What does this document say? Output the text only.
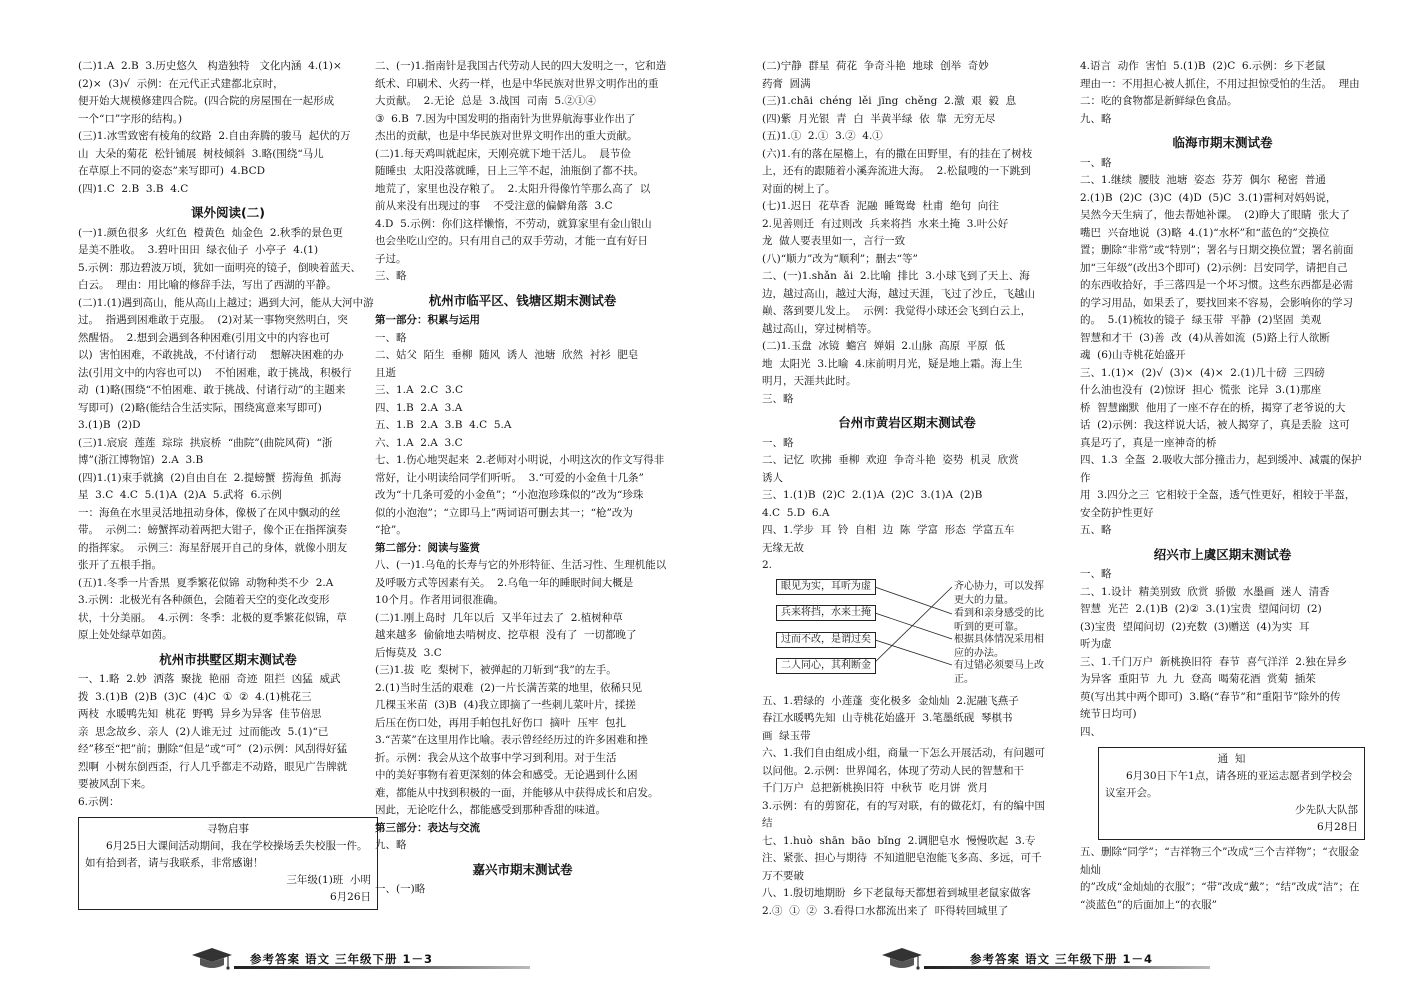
(二)1.A  2.B  3.历史悠久   构造独特   文化内涵  4.(1)×

(2)×  (3)√  示例：在元代正式建都北京时，

便开始大规模修建四合院。(四合院的房屋围在一起形成

一个“口”字形的结构。)

(三)1.冰雪致密有棱角的纹路  2.自由奔腾的骏马  起伏的万

山  大朵的菊花  松针铺展  树枝倾斜  3.略(围绕“马儿

在草原上不同的姿态”来写即可)  4.BCD

(四)1.C  2.B  3.B  4.C

课外阅读(二)

(一)1.颜色很多  火红色  橙黄色  灿金色  2.秋季的景色更

是美不胜收。  3.碧叶田田  绿衣仙子  小亭子  4.(1)

5.示例：那边碧波万顷，犹如一面明亮的镜子，倒映着蓝天、

白云。  理由：用比喻的修辞手法，写出了西湖的平静。

(二)1.(1)遇到高山，能从高山上越过；遇到大河，能从大河中游

过。  指遇到困难敢于克服。  (2)对某一事物突然明白，突

然醒悟。  2.想到会遇到各种困难(引用文中的内容也可

以)  害怕困难，不敢挑战，不付诸行动    想解决困难的办

法(引用文中的内容也可以)    不怕困难，敢于挑战，积极行

动  (1)略(围绕“不怕困难、敢于挑战、付诸行动”的主题来

写即可)  (2)略(能结合生活实际，围绕寓意来写即可)

3.(1)B  (2)D

(三)1.宸宸  莲莲  琮琮  拱宸桥  “曲院”(曲院风荷)  “浙

博”(浙江博物馆)  2.A  3.B

(四)1.(1)束手就擒  (2)自由自在  2.提螃蟹  捞海鱼  抓海

星  3.C  4.C  5.(1)A  (2)A  5.武将  6.示例

一：海鱼在水里灵活地扭动身体，像极了在风中飘动的丝

带。  示例二：螃蟹挥动着两把大钳子，像个正在指挥演奏

的指挥家。  示例三：海星舒展开自己的身体，就像小朋友

张开了五根手指。

(五)1.冬季一片香黑  夏季繁花似锦  动物种类不少  2.A

3.示例：北极光有各种颜色，会随着天空的变化改变形

状，十分美丽。  4.示例：冬季：北极的夏季繁花似锦，草

原上处处绿草如茵。

杭州市拱墅区期末测试卷

一、1.略  2.妙  洒落  聚拢  艳丽  奇迹  阻拦  凶猛  威武

拨  3.(1)B  (2)B  (3)C  (4)C  ①  ②  4.(1)桃花三

两枝  水暖鸭先知  桃花  野鸭  异乡为异客  佳节倍思

亲  思念故乡、亲人  (2)人谁无过  过而能改  5.(1)“已

经”移至“把”前；删除“但是”或“可”  (2)示例：风刮得好猛

烈啊  小树东倒西歪，行人几乎都走不动路，眼见广告牌就

要被风刮下来。

6.示例：

寻物启事

6月25日大课间活动期间，我在学校操场丢失校服一件。如有拾到者，请与我联系，非常感谢！

三年级(1)班  小明

6月26日

二、(一)1.指南针是我国古代劳动人民的四大发明之一，它和造

纸术、印刷术、火药一样，也是中华民族对世界文明作出的重

大贡献。  2.无论  总是  3.战国  司南  5.②①④

③  6.B  7.因为中国发明的指南针为世界航海事业作出了

杰出的贡献，也是中华民族对世界文明作出的重大贡献。

(二)1.每天鸡叫就起床，天刚亮就下地干活儿。  晨节俭

随睡虫  太阳没落就睡，日上三竿不起，油瓶倒了都不扶。

地荒了，家里也没存粮了。  2.太阳升得像竹竿那么高了  以

前从来没有出现过的事    不受注意的偏僻角落  3.C

4.D  5.示例：你们这样懒惰，不劳动，就算家里有金山银山

也会坐吃山空的。只有用自己的双手劳动，才能一直有好日

子过。

三、略

杭州市临平区、钱塘区期末测试卷

第一部分：积累与运用

一、略

二、姑父  陌生  垂柳  随风  诱人  池塘  欣然  衬衫  肥皂

且逝

三、1.A  2.C  3.C

四、1.B  2.A  3.A

五、1.B  2.A  3.B  4.C  5.A

六、1.A  2.A  3.C

七、1.伤心地哭起来  2.老师对小明说，小明这次的作文写得非

常好，让小明读给同学们听听。  3.“可爱的小金鱼十几条”

改为“十几条可爱的小金鱼”；“小泡泡珍珠似的”改为“珍珠

似的小泡泡”；“立即马上”两词语可删去其一；“枪”改为

“抢”。

第二部分：阅读与鉴赏

八、(一)1.乌龟的长寿与它的外形特征、生活习性、生理机能以

及呼吸方式等因素有关。  2.乌龟一年的睡眠时间大概是

10个月。作者用词很准确。

(二)1.刚上岛时  几年以后  又半年过去了  2.植树种草

越来越多  偷偷地去啃树皮、挖草根  没有了  一切都晚了

后悔莫及  3.C

(三)1.拔  吃  梨树下，被弹起的刀斩到“我”的左手。

2.(1)当时生活的艰难  (2)一片长满苦菜的地里，依稀只见

几棵玉米苗  (3)B  (4)我立即摘了一些刺儿菜叶片，揉搓

后压在伤口处，再用手帕包扎好伤口  摘叶  压牢  包扎

3.“苦菜”在这里用作比喻。表示曾经经历过的许多困难和挫

折。示例：我会从这个故事中学习到利用。对于生活

中的美好事物有着更深刻的体会和感受。无论遇到什么困

难，都能从中找到积极的一面，并能够从中获得成长和启发。

因此，无论吃什么，都能感受到那种香甜的味道。

第三部分：表达与交流

九、略

嘉兴市期末测试卷

一、(一)略

(二)宁静  群星  荷花  争奇斗艳  地球  创举  奇妙

药膏  圆满

(三)1.chāi  chéng  lěi  jīng  chěng  2.激  艰  毅  息

(四)紫  月光银  青  白  半黄半绿  依  靠  无穷无尽

(五)1.①  2.①  3.②  4.①

(六)1.有的落在屋檐上，有的撒在田野里，有的挂在了树枝

上，还有的跟随着小溪奔流进大海。  2.松鼠嗖的一下跳到

对面的树上了。

(七)1.迟日  花草香  泥融  睡鸳鸯  杜甫  绝句  向往

2.见善则迁  有过则改  兵来将挡  水来土掩  3.叶公好

龙  做人要表里如一，言行一致

(八)“顺力”改为“顺利”；删去“等”

二、(一)1.shǎn  ǎi  2.比喻  排比  3.小球飞到了天上、海

边，越过高山，越过大海，越过天涯，飞过了沙丘，飞越山

巅、落到要儿发上。  示例：我觉得小球还会飞到白云上，

越过高山，穿过树梢等。

(二)1.玉盘  冰镜  蟾宫  婵娟  2.山脉  高原  平原  低

地  太阳光  3.比喻  4.床前明月光，疑是地上霜。海上生

明月，天涯共此时。

三、略

台州市黄岩区期末测试卷

一、略

二、记忆  吹拂  垂柳  欢迎  争奇斗艳  姿势  机灵  欣赏

诱人

三、1.(1)B  (2)C  2.(1)A  (2)C  3.(1)A  (2)B

4.C  5.D  6.A

四、1.学步  耳  铃  自相  边  陈  学富  形态  学富五车

无缘无故

2.

眼见为实，耳听为虚
兵来将挡，水来土掩
过而不改，是谓过矣
二人同心，其利断金
齐心协力，可以发挥更大的力量。
看到和亲身感受的比听到的更可靠。
根据具体情况采用相应的办法。
有过错必须要马上改正。

五、1.碧绿的  小莲蓬  变化极多  金灿灿  2.泥融飞燕子

春江水暖鸭先知  山寺桃花始盛开  3.笔墨纸砚  琴棋书

画  绿玉带

六、1.我们自由组成小组，商量一下怎么开展活动，有问题可

以问他。2.示例：世界闻名，体现了劳动人民的智慧和干

千门万户  总把新桃换旧符  中秋节  吃月饼  赏月

3.示例：有的剪窗花，有的写对联，有的做花灯，有的编中国

结

七、1.huò  shān  bāo  bǐng  2.调肥皂水  慢慢吹起  3.专

注、紧张、担心与期待  不知道肥皂泡能飞多高、多远，可千

万不要破

八、1.殷切地期盼  乡下老鼠每天都想着到城里老鼠家做客

2.③  ①  ②  3.看得口水都流出来了  吓得转回城里了

4.语言  动作  害怕  5.(1)B  (2)C  6.示例：乡下老鼠

理由一：不用担心被人抓住，不用过担惊受怕的生活。  理由

二：吃的食物都是新鲜绿色食品。

九、略

临海市期末测试卷

一、略

二、1.继续  腰肢  池塘  姿态  芬芳  偶尔  秘密  普通

2.(1)B  (2)C  (3)C  (4)D  (5)C  3.(1)雷柯对妈妈说，

吴然今天生病了，他去帮她补课。  (2)睁大了眼睛  张大了

嘴巴  兴奋地说  (3)略  4.(1)“水杯”和“蓝色的”交换位

置；删除“非常”或“特别”；署名与日期交换位置；署名前面

加“三年级”(改出3个即可)  (2)示例：吕安同学，请把自己

的东西收拾好，手三落四是一个坏习惯。这些东西都是必需

的学习用品，如果丢了，要找回来不容易，会影响你的学习

的。  5.(1)梳妆的镜子  绿玉带  平静  (2)坚固  美观

智慧和才干  (3)善  改  (4)从善如流  (5)路上行人欲断

魂  (6)山寺桃花始盛开

三、1.(1)×  (2)√  (3)×  (4)×  2.(1)几十磅  三四磅

什么油也没有  (2)惊讶  担心  慌张  诧异  3.(1)那座

桥  智慧幽默  他用了一座不存在的桥，揭穿了老爷说的大

话  (2)示例：我这样说大话，被人揭穿了，真是丢脸  这可

真是巧了，真是一座神奇的桥

四、1.3  全盔  2.吸收大部分撞击力，起到缓冲、减震的保护作

用  3.四分之三  它相较于全盔，透气性更好，相较于半盔，

安全防护性更好

五、略

绍兴市上虞区期末测试卷

一、略

二、1.设计  精美别致  欣赏  骄傲  水墨画  迷人  清香

智慧  光芒  2.(1)B  (2)②  3.(1)宝贵  望闻问切  (2)

(3)宝贵  望闻问切  (2)充数  (3)赠送  (4)为实  耳

听为虚

三、1.千门万户  新桃换旧符  春节  喜气洋洋  2.独在异乡

为异客  重阳节  九  九  登高  喝菊花酒  赏菊  插茱

萸(写出其中两个即可)  3.略(“春节”和“重阳节”除外的传

统节日均可)

四、

通  知

6月30日下午1点，请各班的亚运志愿者到学校会议室开会。

少先队大队部

6月28日

五、删除“同学”；“吉祥物三个”改成“三个吉祥物”；“衣服金灿灿

的”改成“金灿灿的衣服”；“带”改成“戴”；“结”改成“洁”；在

“淡蓝色”的后面加上“的衣服”

参考答案 语文 三年级下册 1－3	参考答案 语文 三年级下册 1－4
